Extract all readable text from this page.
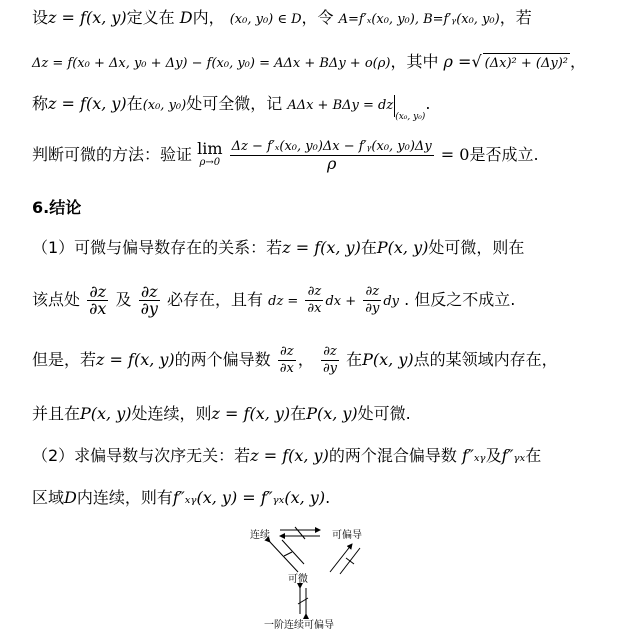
设z = f(x, y)定义在 D内， (x₀, y₀) ∈ D，令 A=f′ₓ(x₀, y₀), B=f′ᵧ(x₀, y₀)，若
Δz = f(x₀ + Δx, y₀ + Δy) − f(x₀, y₀) = AΔx + BΔy + o(ρ)，其中 ρ =√ (Δx)² + (Δy)² ，
称z = f(x, y)在(x₀, y₀)处可全微，记 $A\Delta x + B\Delta y = dz_{(x_0, y_0)}$.
判断可微的方法：验证 lim
ρ→0
$\frac{\text{Δz − f′ₓ(x₀, y₀)Δx − f′ᵧ(x₀, y₀)Δy}}{\rho} = 0$是否成立.
6.结论
（1）可微与偏导数存在的关系：若z = f(x, y)在P(x, y)处可微，则在
该点处 $\frac{\partial z}{\partial x}$ 及 $\frac{\partial z}{\partial y}$ 必存在，且有 dz = $\frac{\partial z}{\partial x}$ dx + $\frac{\partial z}{\partial y}$ dy . 但反之不成立.
但是，若z = f(x, y)的两个偏导数 $\frac{\partial z}{\partial x}$ ， $\frac{\partial z}{\partial y}$ 在P(x, y)点的某领域内存在，
并且在P(x, y)处连续，则z = f(x, y)在P(x, y)处可微.
（2）求偏导数与次序无关：若z = f(x, y)的两个混合偏导数 f″ₓᵧ及f″ᵧₓ在
区域D内连续，则有f″ₓᵧ(x, y) = f″ᵧₓ(x, y).
连续	可偏导
可微
一阶连续可偏导
